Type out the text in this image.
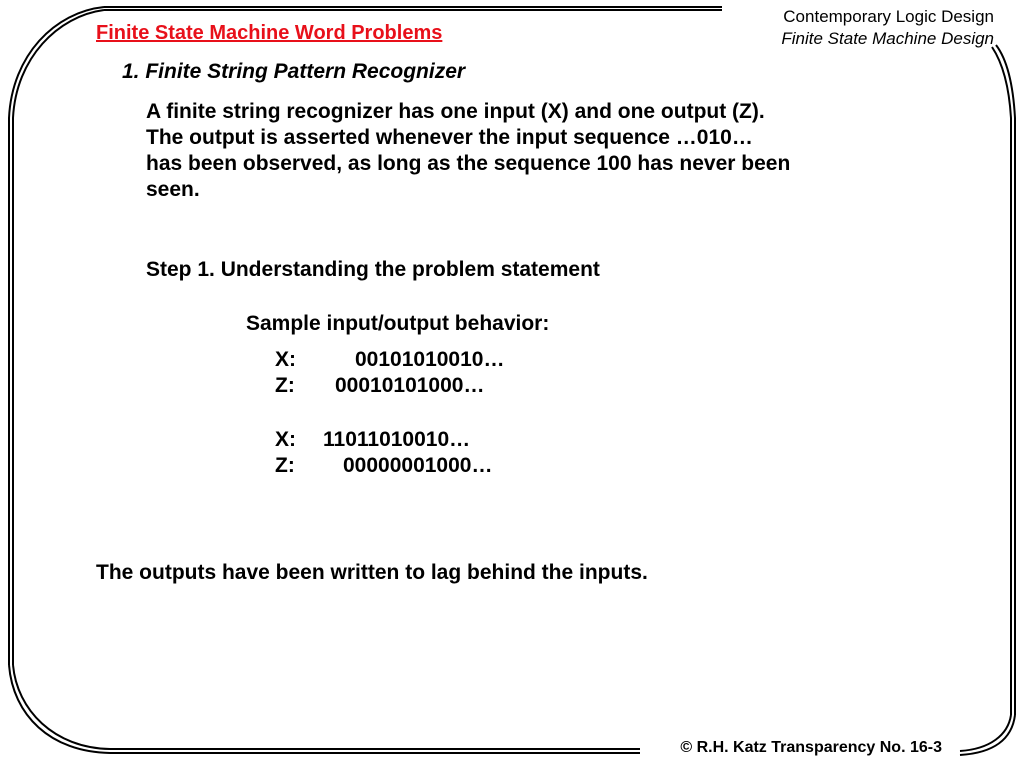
Contemporary Logic Design
Finite State Machine Design
Finite State Machine Word Problems
1. Finite String Pattern Recognizer
A finite string recognizer has one input (X) and one output (Z).
The output is asserted whenever the input sequence …010…
has been observed, as long as the sequence 100 has never been
seen.
Step 1. Understanding the problem statement
Sample input/output behavior:
X:	00101010010…
Z: 00010101000…
X: 11011010010…
Z: 00000001000…
The outputs have been written to lag behind the inputs.
© R.H. Katz Transparency No. 16-3
